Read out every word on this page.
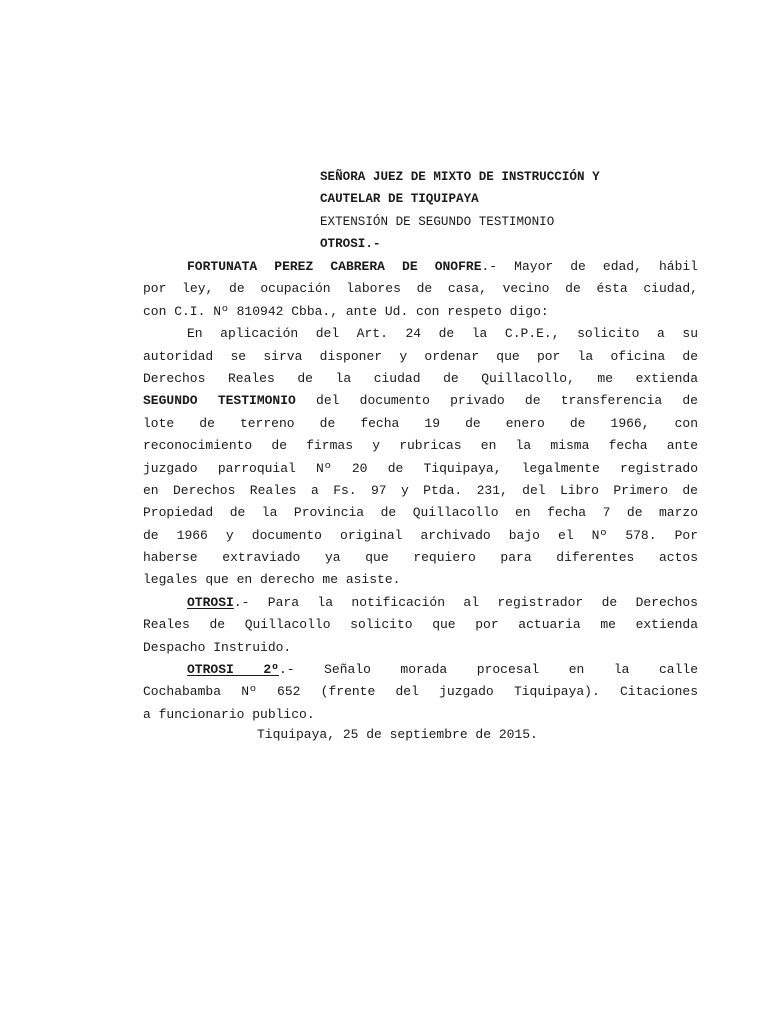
SEÑORA JUEZ DE MIXTO DE INSTRUCCIÓN Y
CAUTELAR DE TIQUIPAYA
EXTENSIÓN DE SEGUNDO TESTIMONIO
OTROSI.-
FORTUNATA PEREZ CABRERA DE ONOFRE.- Mayor de edad, hábil
por ley, de ocupación labores de casa, vecino de ésta ciudad,
con C.I. Nº 810942 Cbba., ante Ud. con respeto digo:
En aplicación del Art. 24 de la C.P.E., solicito a su
autoridad se sirva disponer y ordenar que por la oficina de
Derechos Reales de la ciudad de Quillacollo, me extienda
SEGUNDO TESTIMONIO del documento privado de transferencia de
lote de terreno de fecha 19 de enero de 1966, con
reconocimiento de firmas y rubricas en la misma fecha ante
juzgado parroquial Nº 20 de Tiquipaya, legalmente registrado
en Derechos Reales a Fs. 97 y Ptda. 231, del Libro Primero de
Propiedad de la Provincia de Quillacollo en fecha 7 de marzo
de 1966 y documento original archivado bajo el Nº 578. Por
haberse extraviado ya que requiero para diferentes actos
legales que en derecho me asiste.
OTROSI.- Para la notificación al registrador de Derechos
Reales de Quillacollo solicito que por actuaria me extienda
Despacho Instruido.
OTROSI 2º.- Señalo morada procesal en la calle
Cochabamba Nº 652 (frente del juzgado Tiquipaya). Citaciones
a funcionario publico.
Tiquipaya, 25 de septiembre de 2015.
